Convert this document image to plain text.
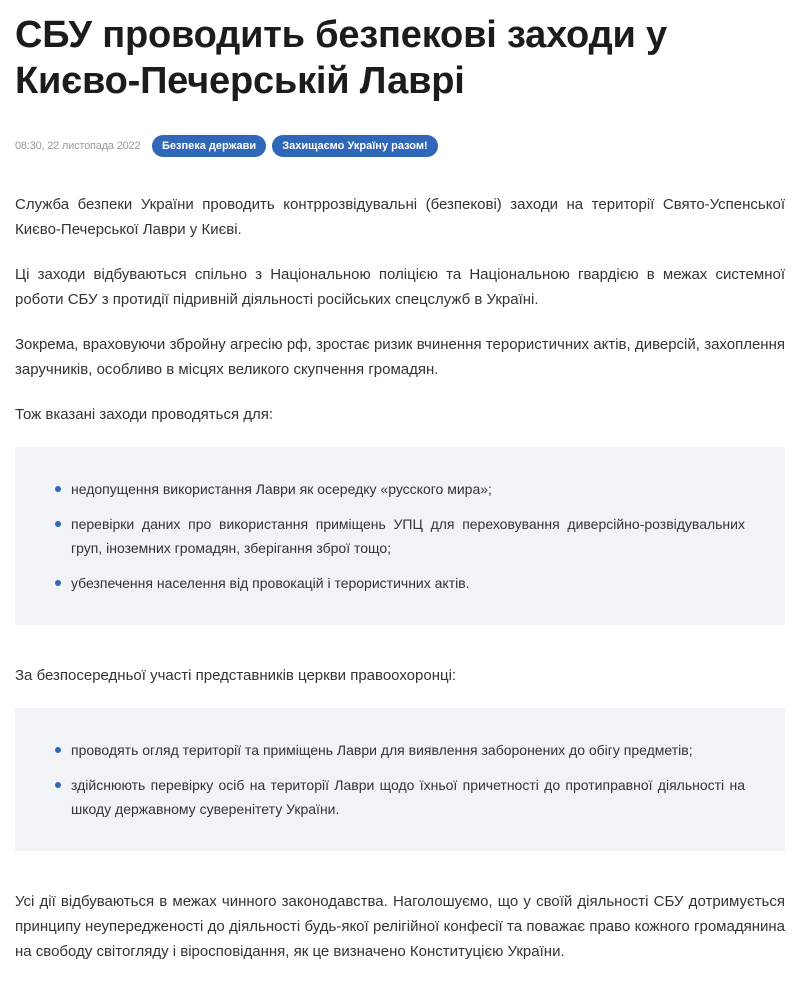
СБУ проводить безпекові заходи у Києво-Печерській Лаврі
08:30, 22 листопада 2022	Безпека держави	Захищаємо Україну разом!

Служба безпеки України проводить контррозвідувальні (безпекові) заходи на території Свято-Успенської Києво-Печерської Лаври у Києві.

Ці заходи відбуваються спільно з Національною поліцією та Національною гвардією в межах системної роботи СБУ з протидії підривній діяльності російських спецслужб в Україні.

Зокрема, враховуючи збройну агресію рф, зростає ризик вчинення терористичних актів, диверсій, захоплення заручників, особливо в місцях великого скупчення громадян.

Тож вказані заходи проводяться для:

недопущення використання Лаври як осередку «русского мира»;
перевірки даних про використання приміщень УПЦ для переховування диверсійно-розвідувальних груп, іноземних громадян, зберігання зброї тощо;
убезпечення населення від провокацій і терористичних актів.

За безпосередньої участі представників церкви правоохоронці:

проводять огляд території та приміщень Лаври для виявлення заборонених до обігу предметів;
здійснюють перевірку осіб на території Лаври щодо їхньої причетності до протиправної діяльності на шкоду державному суверенітету України.

Усі дії відбуваються в межах чинного законодавства. Наголошуємо, що у своїй діяльності СБУ дотримується принципу неупередженості до діяльності будь-якої релігійної конфесії та поважає право кожного громадянина на свободу світогляду і віросповідання, як це визначено Конституцією України.
